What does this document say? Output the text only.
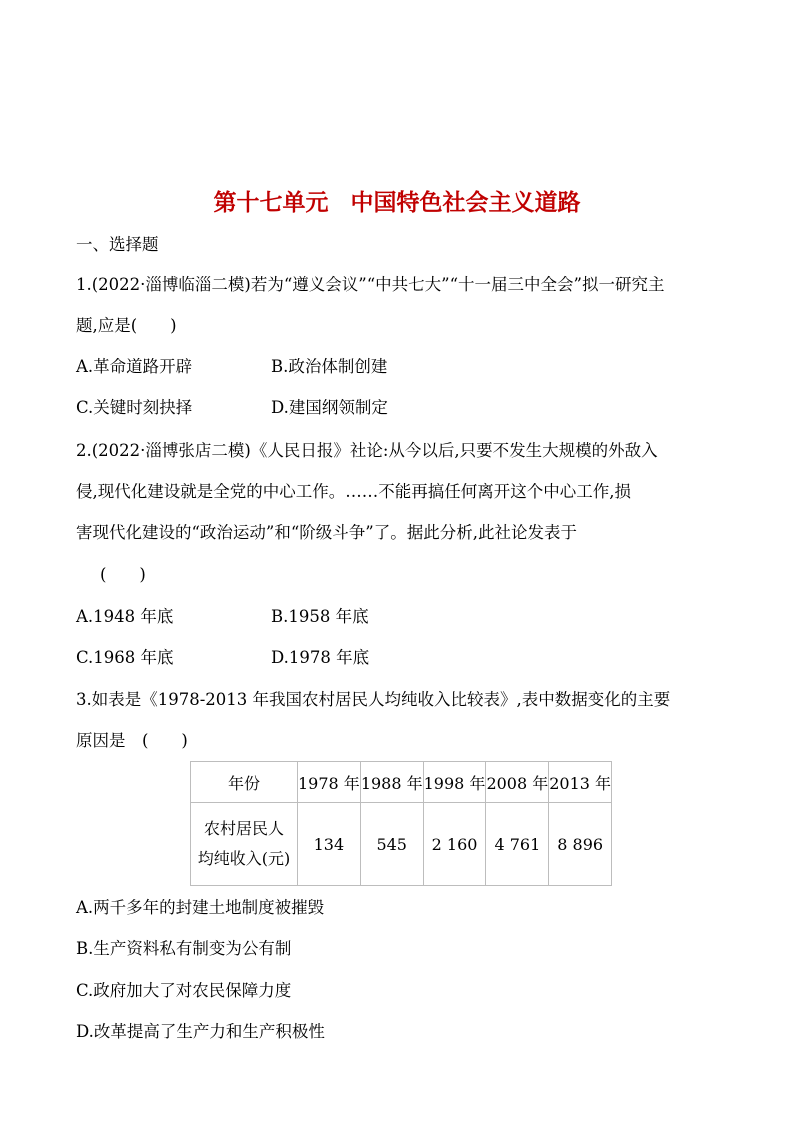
第十七单元 中国特色社会主义道路
一、选择题
1.(2022·淄博临淄二模)若为“遵义会议”“中共七大”“十一届三中全会”拟一研究主
题,应是(　　)
A.革命道路开辟	B.政治体制创建
C.关键时刻抉择	D.建国纲领制定
2.(2022·淄博张店二模)《人民日报》社论:从今以后,只要不发生大规模的外敌入
侵,现代化建设就是全党的中心工作。……不能再搞任何离开这个中心工作,损
害现代化建设的“政治运动”和“阶级斗争”了。据此分析,此社论发表于
(　　)
A.1948 年底	B.1958 年底
C.1968 年底	D.1978 年底
3.如表是《1978-2013 年我国农村居民人均纯收入比较表》,表中数据变化的主要
原因是　(　　)
年份	1978 年	1988 年	1998 年	2008 年	2013 年

农村居民人
均纯收入(元)	134	545	2 160	4 761	8 896
A.两千多年的封建土地制度被摧毁
B.生产资料私有制变为公有制
C.政府加大了对农民保障力度
D.改革提高了生产力和生产积极性
